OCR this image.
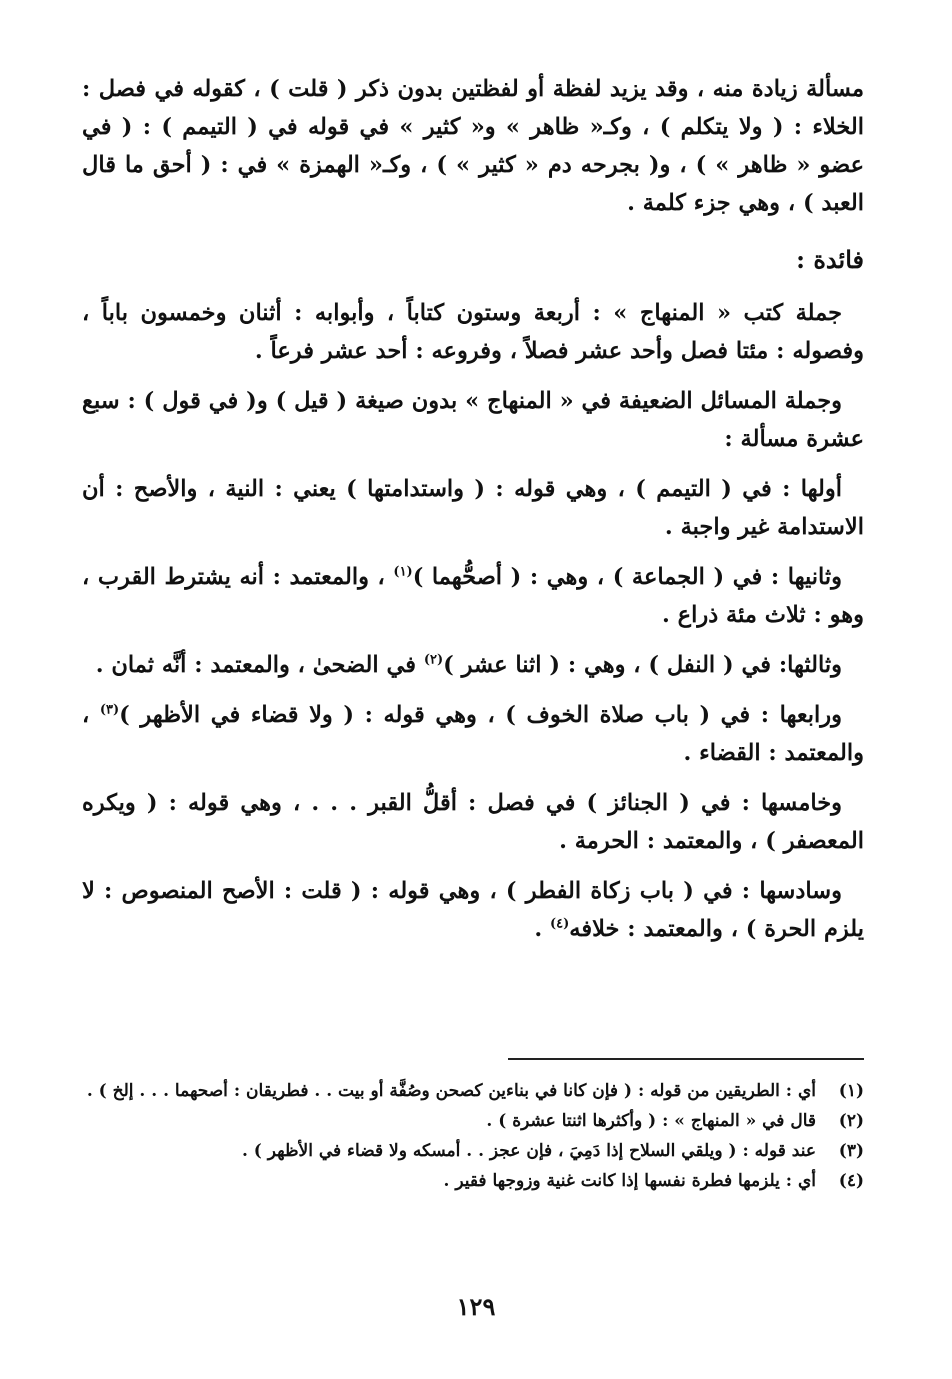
مسألة زيادة منه ، وقد يزيد لفظة أو لفظتين بدون ذكر ( قلت ) ، كقوله في فصل : الخلاء : ( ولا يتكلم ) ، وكـ« ظاهر » و« كثير » في قوله في ( التيمم ) : ( في عضو « ظاهر » ) ، و( بجرحه دم « كثير » ) ، وكـ« الهمزة » في : ( أحق ما قال العبد ) ، وهي جزء كلمة .

فائدة :

جملة كتب « المنهاج » : أربعة وستون كتاباً ، وأبوابه : أثنان وخمسون باباً ، وفصوله : مئتا فصل وأحد عشر فصلاً ، وفروعه : أحد عشر فرعاً .

وجملة المسائل الضعيفة في « المنهاج » بدون صيغة ( قيل ) و( في قول ) : سبع عشرة مسألة :

أولها : في ( التيمم ) ، وهي قوله : ( واستدامتها ) يعني : النية ، والأصح : أن الاستدامة غير واجبة .

وثانيها : في ( الجماعة ) ، وهي : ( أصحُّهما )$^{(١)}$ ، والمعتمد : أنه يشترط القرب ، وهو : ثلاث مئة ذراع .

وثالثها: في ( النفل ) ، وهي : ( اثنا عشر )$^{(٢)}$ في الضحىٰ ، والمعتمد : أنَّه ثمان .

ورابعها : في ( باب صلاة الخوف ) ، وهي قوله : ( ولا قضاء في الأظهر )$^{(٣)}$ ، والمعتمد : القضاء .

وخامسها : في ( الجنائز ) في فصل : أقلُّ القبر . . . ، وهي قوله : ( ويكره المعصفر ) ، والمعتمد : الحرمة .

وسادسها : في ( باب زكاة الفطر ) ، وهي قوله : ( قلت : الأصح المنصوص : لا يلزم الحرة ) ، والمعتمد : خلافه$^{(٤)}$ .

(١)
أي : الطريقين من قوله : ( فإن كانا في بناءين كصحن وصُفَّة أو بيت . . فطريقان : أصحهما . . . إلخ ) .
(٢)
قال في « المنهاج » : ( وأكثرها اثنتا عشرة ) .
(٣)
عند قوله : ( ويلقي السلاح إذا دَمِيَ ، فإن عجز . . أمسكه ولا قضاء في الأظهر ) .
(٤)
أي : يلزمها فطرة نفسها إذا كانت غنية وزوجها فقير .
١٢٩
